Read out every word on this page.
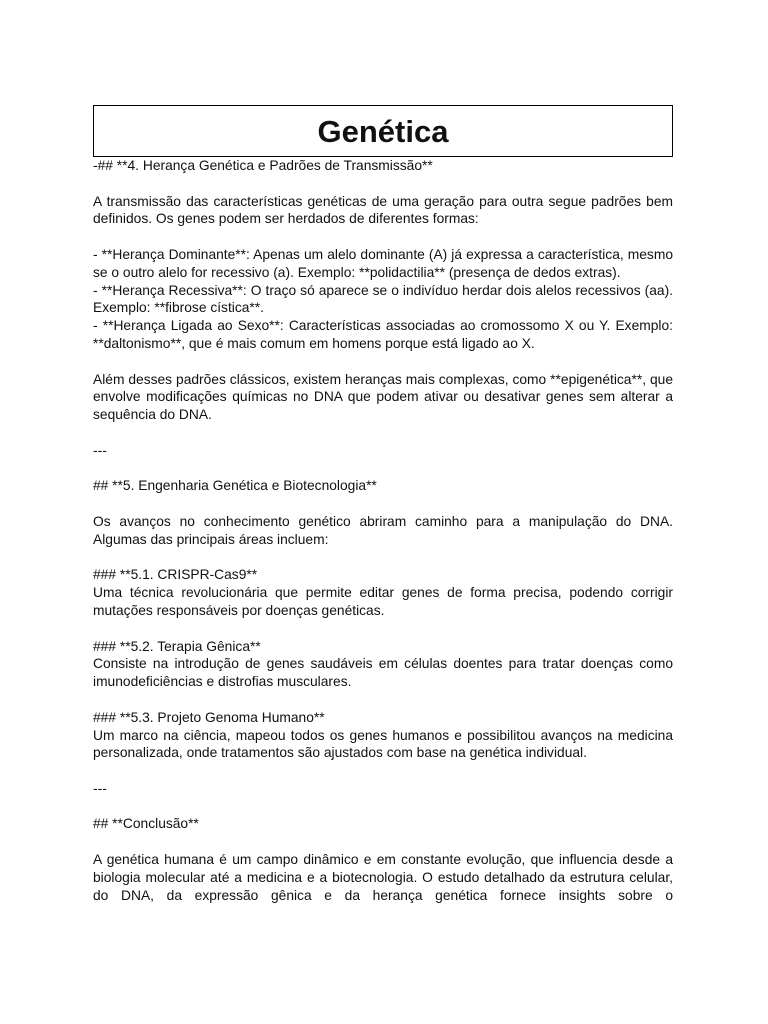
Genética

-## **4. Herança Genética e Padrões de Transmissão**

A transmissão das características genéticas de uma geração para outra segue padrões bem definidos. Os genes podem ser herdados de diferentes formas:

- **Herança Dominante**: Apenas um alelo dominante (A) já expressa a característica, mesmo se o outro alelo for recessivo (a). Exemplo: **polidactilia** (presença de dedos extras).

- **Herança Recessiva**: O traço só aparece se o indivíduo herdar dois alelos recessivos (aa). Exemplo: **fibrose cística**.

- **Herança Ligada ao Sexo**: Características associadas ao cromossomo X ou Y. Exemplo: **daltonismo**, que é mais comum em homens porque está ligado ao X.

Além desses padrões clássicos, existem heranças mais complexas, como **epigenética**, que envolve modificações químicas no DNA que podem ativar ou desativar genes sem alterar a sequência do DNA.

---

## **5. Engenharia Genética e Biotecnologia**

Os avanços no conhecimento genético abriram caminho para a manipulação do DNA. Algumas das principais áreas incluem:

### **5.1. CRISPR-Cas9**

Uma técnica revolucionária que permite editar genes de forma precisa, podendo corrigir mutações responsáveis por doenças genéticas.

### **5.2. Terapia Gênica**

Consiste na introdução de genes saudáveis em células doentes para tratar doenças como imunodeficiências e distrofias musculares.

### **5.3. Projeto Genoma Humano**

Um marco na ciência, mapeou todos os genes humanos e possibilitou avanços na medicina personalizada, onde tratamentos são ajustados com base na genética individual.

---

## **Conclusão**

A genética humana é um campo dinâmico e em constante evolução, que influencia desde a biologia molecular até a medicina e a biotecnologia. O estudo detalhado da estrutura celular, do DNA, da expressão gênica e da herança genética fornece insights sobre o
